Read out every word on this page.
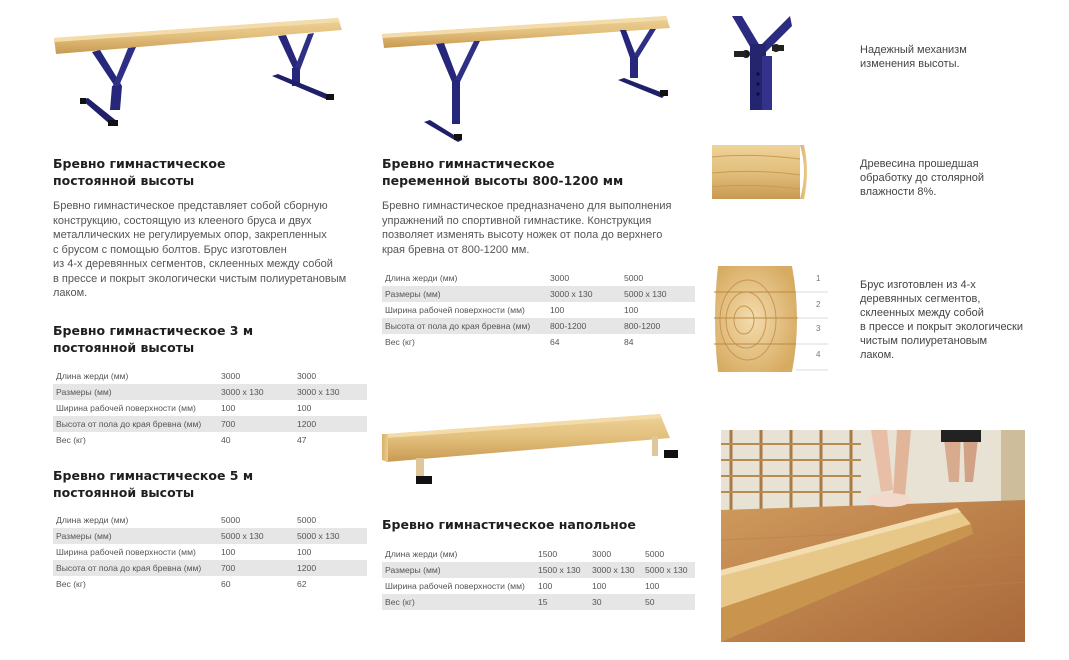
Надежный механизм
изменения высоты.
Древесина прошедшая
обработку до столярной
влажности 8%.
1
2
3
4
Брус изготовлен из 4-х
деревянных сегментов,
склеенных между собой
в прессе и покрыт экологически
чистым полиуретановым
лаком.
Бревно гимнастическое
постоянной высоты
Бревно гимнастическое представляет собой сборную
конструкцию, состоящую из клееного бруса и двух
металлических не регулируемых опор, закрепленных
с брусом с помощью болтов. Брус изготовлен
из 4-х деревянных сегментов, склеенных между собой
в прессе и покрыт экологически чистым полиуретановым
лаком.
Бревно гимнастическое 3 м
постоянной высоты
Длина жерди (мм)	3000	3000
Размеры (мм)	3000 x 130	3000 x 130
Ширина рабочей поверхности (мм)	100	100
Высота от пола до края бревна (мм)	700	1200
Вес (кг)	40	47
Бревно гимнастическое 5 м
постоянной высоты
Длина жерди (мм)	5000	5000
Размеры (мм)	5000 x 130	5000 x 130
Ширина рабочей поверхности (мм)	100	100
Высота от пола до края бревна (мм)	700	1200
Вес (кг)	60	62
Бревно гимнастическое
переменной высоты 800-1200 мм
Бревно гимнастическое предназначено для выполнения
упражнений по спортивной гимнастике. Конструкция
позволяет изменять высоту ножек от пола до верхнего
края бревна от 800-1200 мм.
Длина жерди (мм)	3000	5000
Размеры (мм)	3000 x 130	5000 x 130
Ширина рабочей поверхности (мм)	100	100
Высота от пола до края бревна (мм)	800-1200	800-1200
Вес (кг)	64	84
Бревно гимнастическое напольное
Длина жерди (мм)	1500	3000	5000
Размеры (мм)	1500 x 130	3000 x 130	5000 x 130
Ширина рабочей поверхности (мм)	100	100	100
Вес (кг)	15	30	50
